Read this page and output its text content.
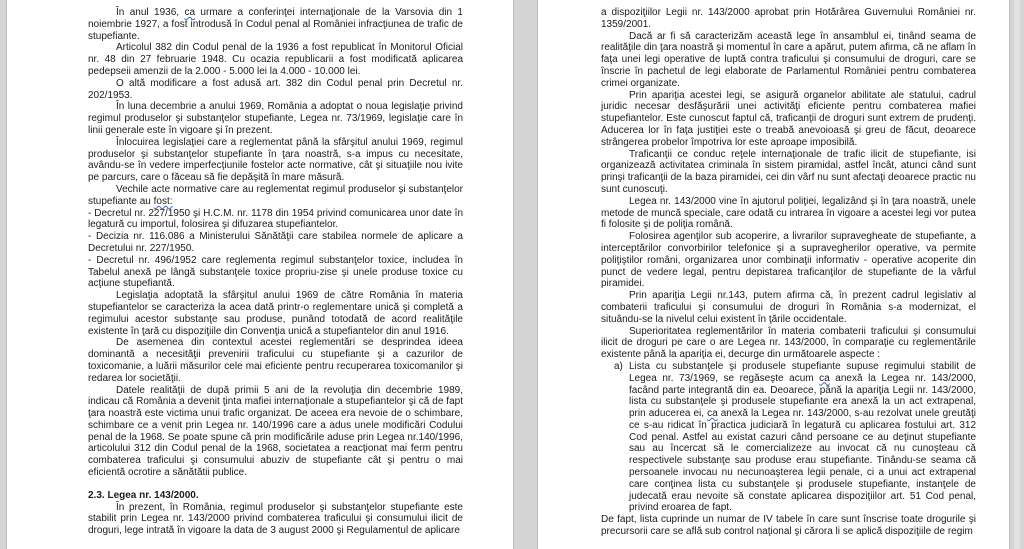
În anul 1936, ca urmare a conferinţei internaţionale de la Varsovia din 1 noiembrie 1927, a fost introdusă în Codul penal al României infracţiunea de trafic de stupefiante.

Articolul 382 din Codul penal de la 1936 a fost republicat în Monitorul Oficial nr. 48 din 27 februarie 1948. Cu ocazia republicarii a fost modificată aplicarea pedepseii amenzii de la 2.000 - 5.000 lei la 4.000 - 10.000 lei.

O altă modificare a fost adusă art. 382 din Codul penal prin Decretul nr. 202/1953.

În luna decembrie a anului 1969, România a adoptat o noua legislaţie privind regimul produselor şi substanţelor stupefiante, Legea nr. 73/1969, legislaţie care în linii generale este în vigoare şi în prezent.

Înlocuirea legislaţiei care a reglementat până la sfârşitul anului 1969, regimul produselor şi substanţelor stupefiante în ţara noastră, s-a impus cu necesitate, avându-se în vedere imperfecţiunile fostelor acte normative, cât şi situaţiile nou ivite pe parcurs, care o făceau să fie depăşită în mare măsură.

Vechile acte normative care au reglementat regimul produselor şi substanţelor stupefiante au fost:

- Decretul nr. 227/1950 şi H.C.M. nr. 1178 din 1954 privind comunicarea unor date în legatură cu importul, folosirea şi difuzarea stupefiantelor.

- Decizia nr. 116.086 a Ministerului Sănătăţii care stabilea normele de aplicare a Decretului nr. 227/1950.

- Decretul nr. 496/1952 care reglementa regimul substanţelor toxice, includea în Tabelul anexă pe lângă substanţele toxice propriu-zise şi unele produse toxice cu acţiune stupefiantă.

Legislaţia adoptată la sfârşitul anului 1969 de către România în materia stupefiantelor se caracteriza la acea dată printr-o reglementare unică şi completă a regimului acestor substanţe sau produse, punând totodată de acord realităţile existente în ţară cu dispoziţiile din Convenţia unică a stupefiantelor din anul 1916.

De asemenea din contextul acestei reglementări se desprindea ideea dominantă a necesităţii prevenirii traficului cu stupefiante şi a cazurilor de toxicomanie, a luării măsurilor cele mai eficiente pentru recuperarea toxicomanilor şi redarea lor societăţii.

Datele realităţii de după primii 5 ani de la revoluţia din decembrie 1989, indicau că România a devenit ţinta mafiei internaţionale a stupefiantelor şi că de fapt ţara noastră este victima unui trafic organizat. De aceea era nevoie de o schimbare, schimbare ce a venit prin Legea nr. 140/1996 care a adus unele modificări Codului penal de la 1968. Se poate spune că prin modificările aduse prin Legea nr.140/1996, articolului 312 din Codul penal de la 1968, societatea a reacţionat mai ferm pentru combaterea traficului şi consumului abuziv de stupefiante cât şi pentru o mai eficientă ocrotire a sănătătii publice.

2.3. Legea nr. 143/2000.

În prezent, în România, regimul produselor şi substanţelor stupefiante este stabilit prin Legea nr. 143/2000 privind combaterea traficului şi consumului ilicit de droguri, lege intrată în vigoare la data de 3 august 2000 şi Regulamentul de aplicare

a dispoziţiilor Legii nr. 143/2000 aprobat prin Hotărârea Guvernului României nr. 1359/2001.

Dacă ar fi să caracterizăm această lege în ansamblul ei, tinând seama de realităţile din ţara noastră şi momentul în care a apărut, putem afirma, că ne aflam în faţa unei legi operative de luptă contra traficului şi consumului de droguri, care se înscrie în pachetul de legi elaborate de Parlamentul României pentru combaterea crimei organizate.

Prin apariţia acestei legi, se asigură organelor abilitate ale statului, cadrul juridic necesar desfăşurării unei activităţi eficiente pentru combaterea mafiei stupefiantelor. Este cunoscut faptul că, traficanţii de droguri sunt extrem de prudenţi. Aducerea lor în faţa justiţiei este o treabă anevoioasă şi greu de făcut, deoarece strângerea probelor împotriva lor este aproape imposibilă.

Traficanţii ce conduc reţele internaţionale de trafic ilicit de stupefiante, isi organizează activitatea criminala în sistem piramidal, astfel încât, atunci când sunt prinşi traficanţii de la baza piramidei, cei din vârf nu sunt afectaţi deoarece practic nu sunt cunoscuţi.

Legea nr. 143/2000 vine în ajutorul poliţiei, legalizând şi în ţara noastră, unele metode de muncă speciale, care odată cu intrarea în vigoare a acestei legi vor putea fi folosite şi de poliţia română.

Folosirea agenţilor sub acoperire, a livrarilor supravegheate de stupefiante, a interceptărilor convorbirilor telefonice şi a supravegherilor operative, va permite poliţiştilor români, organizarea unor combinaţii informativ - operative acoperite din punct de vedere legal, pentru depistarea traficanţilor de stupefiante de la vârful piramidei.

Prin apariţia Legii nr.143, putem afirma că, în prezent cadrul legislativ al combaterii traficului şi consumului de droguri în România s-a modernizat, el situându-se la nivelul celui existent în ţările occidentale.

Superioritatea reglementărilor în materia combaterii traficului şi consumului ilicit de droguri pe care o are Legea nr. 143/2000, în comparaţie cu reglementările existente până la apariţia ei, decurge din următoarele aspecte :

a) Lista cu substanţele şi produsele stupefiante supuse regimului stabilit de Legea nr. 73/1969, se regăseşte acum ca anexă la Legea nr. 143/2000, facând parte integrantă din ea. Deoarece, până la apariţia Legii nr. 143/2000, lista cu substanţele şi produsele stupefiante era anexă la un act extrapenal, prin aducerea ei, ca anexă la Legea nr. 143/2000, s-au rezolvat unele greutăţi ce s-au ridicat în practica judiciară în legatură cu aplicarea fostului art. 312 Cod penal. Astfel au existat cazuri când persoane ce au deţinut stupefiante sau au încercat să le comercializeze au invocat că nu cunoşteau că respectivele substanţe sau produse erau stupefiante. Tinându-se seama că persoanele invocau nu necunoaşterea legii penale, ci a unui act extrapenal care conţinea lista cu substanţele şi produsele stupefiante, instanţele de judecată erau nevoite să constate aplicarea dispoziţiilor art. 51 Cod penal, privind eroarea de fapt.

De fapt, lista cuprinde un numar de IV tabele în care sunt înscrise toate drogurile şi precursorii care se află sub control naţional şi cărora li se aplică dispoziţiile de regim
